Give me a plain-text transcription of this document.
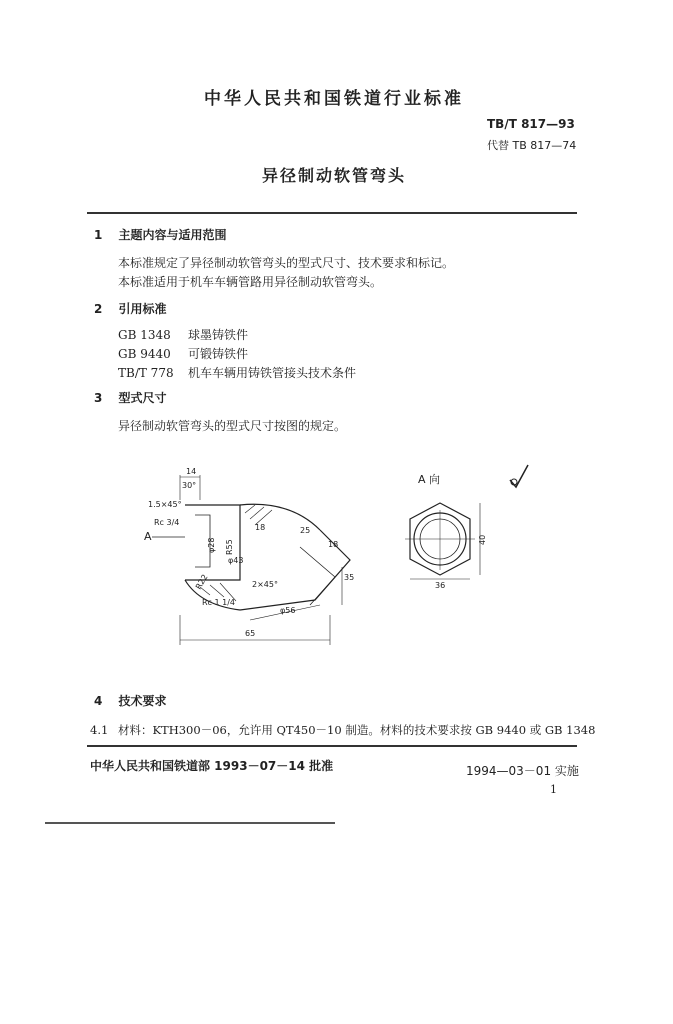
中华人民共和国铁道行业标准
TB/T 817—93
代替 TB 817—74
异径制动软管弯头
1 主题内容与适用范围
本标准规定了异径制动软管弯头的型式尺寸、技术要求和标记。
本标准适用于机车车辆管路用异径制动软管弯头。
2 引用标准
GB 1348 球墨铸铁件
GB 9440 可锻铸铁件
TB/T 778 机车车辆用铸铁管接头技术条件
3 型式尺寸
异径制动软管弯头的型式尺寸按图的规定。
14
30°
1.5×45°
Rc 3/4
A
φ28 R55
18	25
φ43
18
R22	2×45°
35
Rc 1 1/4
φ56
65
A 向
40
36
4 技术要求
4.1 材料：KTH300－06，允许用 QT450－10 制造。材料的技术要求按 GB 9440 或 GB 1348
中华人民共和国铁道部 1993－07－14 批准	1994—03－01 实施
1
